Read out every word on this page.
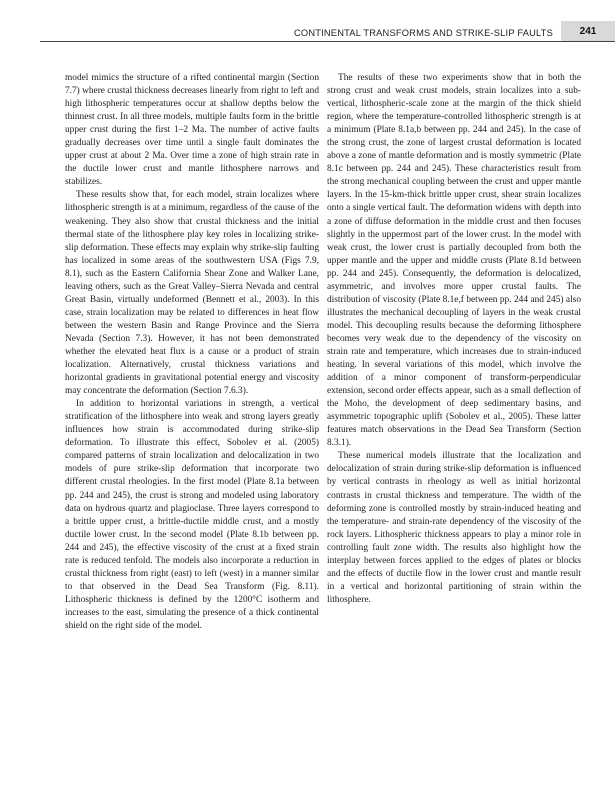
CONTINENTAL TRANSFORMS AND STRIKE-SLIP FAULTS	241

model mimics the structure of a rifted continental margin (Section 7.7) where crustal thickness decreases linearly from right to left and high lithospheric temperatures occur at shallow depths below the thinnest crust. In all three models, multiple faults form in the brittle upper crust during the first 1–2 Ma. The number of active faults gradually decreases over time until a single fault dominates the upper crust at about 2 Ma. Over time a zone of high strain rate in the ductile lower crust and mantle lithosphere narrows and stabilizes.

These results show that, for each model, strain localizes where lithospheric strength is at a minimum, regardless of the cause of the weakening. They also show that crustal thickness and the initial thermal state of the lithosphere play key roles in localizing strike-slip deformation. These effects may explain why strike-slip faulting has localized in some areas of the southwestern USA (Figs 7.9, 8.1), such as the Eastern California Shear Zone and Walker Lane, leaving others, such as the Great Valley–Sierra Nevada and central Great Basin, virtually undeformed (Bennett et al., 2003). In this case, strain localization may be related to differences in heat flow between the western Basin and Range Province and the Sierra Nevada (Section 7.3). However, it has not been demonstrated whether the elevated heat flux is a cause or a product of strain localization. Alternatively, crustal thickness variations and horizontal gradients in gravitational potential energy and viscosity may concentrate the deformation (Section 7.6.3).

In addition to horizontal variations in strength, a vertical stratification of the lithosphere into weak and strong layers greatly influences how strain is accommodated during strike-slip deformation. To illustrate this effect, Sobolev et al. (2005) compared patterns of strain localization and delocalization in two models of pure strike-slip deformation that incorporate two different crustal rheologies. In the first model (Plate 8.1a between pp. 244 and 245), the crust is strong and modeled using laboratory data on hydrous quartz and plagioclase. Three layers correspond to a brittle upper crust, a brittle-ductile middle crust, and a mostly ductile lower crust. In the second model (Plate 8.1b between pp. 244 and 245), the effective viscosity of the crust at a fixed strain rate is reduced tenfold. The models also incorporate a reduction in crustal thickness from right (east) to left (west) in a manner similar to that observed in the Dead Sea Transform (Fig. 8.11). Lithospheric thickness is defined by the 1200°C isotherm and increases to the east, simulating the presence of a thick continental shield on the right side of the model.

The results of these two experiments show that in both the strong crust and weak crust models, strain localizes into a sub-vertical, lithospheric-scale zone at the margin of the thick shield region, where the temperature-controlled lithospheric strength is at a minimum (Plate 8.1a,b between pp. 244 and 245). In the case of the strong crust, the zone of largest crustal deformation is located above a zone of mantle deformation and is mostly symmetric (Plate 8.1c between pp. 244 and 245). These characteristics result from the strong mechanical coupling between the crust and upper mantle layers. In the 15-km-thick brittle upper crust, shear strain localizes onto a single vertical fault. The deformation widens with depth into a zone of diffuse deformation in the middle crust and then focuses slightly in the uppermost part of the lower crust. In the model with weak crust, the lower crust is partially decoupled from both the upper mantle and the upper and middle crusts (Plate 8.1d between pp. 244 and 245). Consequently, the deformation is delocalized, asymmetric, and involves more upper crustal faults. The distribution of viscosity (Plate 8.1e,f between pp. 244 and 245) also illustrates the mechanical decoupling of layers in the weak crustal model. This decoupling results because the deforming lithosphere becomes very weak due to the dependency of the viscosity on strain rate and temperature, which increases due to strain-induced heating. In several variations of this model, which involve the addition of a minor component of transform-perpendicular extension, second order effects appear, such as a small deflection of the Moho, the development of deep sedimentary basins, and asymmetric topographic uplift (Sobolev et al., 2005). These latter features match observations in the Dead Sea Transform (Section 8.3.1).

These numerical models illustrate that the localization and delocalization of strain during strike-slip deformation is influenced by vertical contrasts in rheology as well as initial horizontal contrasts in crustal thickness and temperature. The width of the deforming zone is controlled mostly by strain-induced heating and the temperature- and strain-rate dependency of the viscosity of the rock layers. Lithospheric thickness appears to play a minor role in controlling fault zone width. The results also highlight how the interplay between forces applied to the edges of plates or blocks and the effects of ductile flow in the lower crust and mantle result in a vertical and horizontal partitioning of strain within the lithosphere.
